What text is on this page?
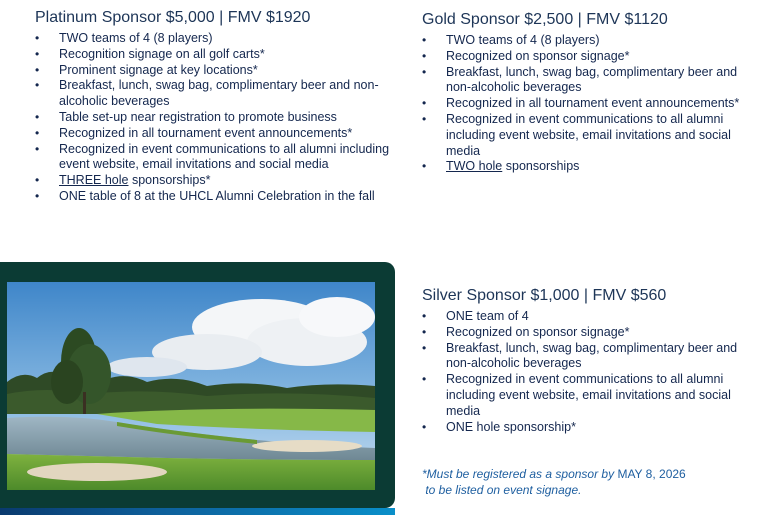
Platinum Sponsor $5,000 | FMV $1920
• TWO teams of 4 (8 players)
• Recognition signage on all golf carts*
• Prominent signage at key locations*
• Breakfast, lunch, swag bag, complimentary beer and non-alcoholic beverages
• Table set-up near registration to promote business
• Recognized in all tournament event announcements*
• Recognized in event communications to all alumni including event website, email invitations and social media
• THREE hole sponsorships*
• ONE table of 8 at the UHCL Alumni Celebration in the fall
Gold Sponsor $2,500 | FMV $1120
• TWO teams of 4 (8 players)
• Recognized on sponsor signage*
• Breakfast, lunch, swag bag, complimentary beer and non-alcoholic beverages
• Recognized in all tournament event announcements*
• Recognized in event communications to all alumni including event website, email invitations and social media
• TWO hole sponsorships
Silver Sponsor $1,000 | FMV $560
• ONE team of 4
• Recognized on sponsor signage*
• Breakfast, lunch, swag bag, complimentary beer and non-alcoholic beverages
• Recognized in event communications to all alumni including event website, email invitations and social media
• ONE hole sponsorship*
*Must be registered as a sponsor by MAY 8, 2026
to be listed on event signage.
